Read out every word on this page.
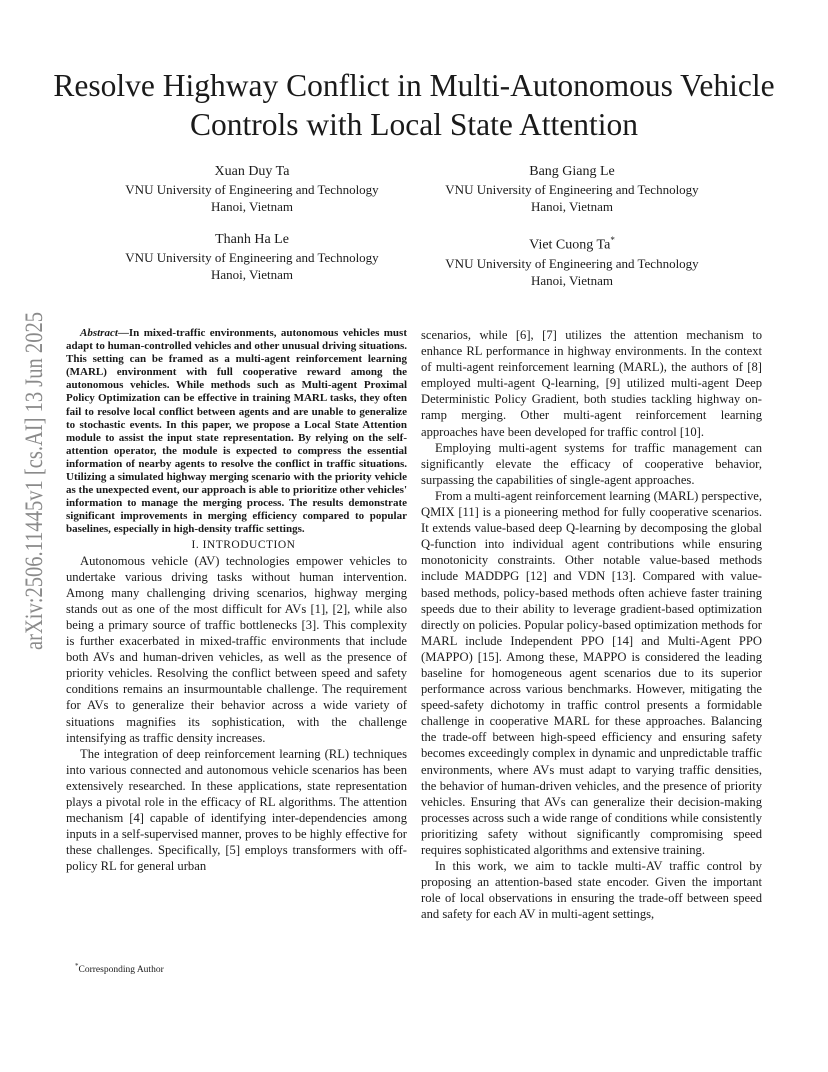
Resolve Highway Conflict in Multi-Autonomous Vehicle Controls with Local State Attention
Xuan Duy Ta
VNU University of Engineering and Technology
Hanoi, Vietnam
Bang Giang Le
VNU University of Engineering and Technology
Hanoi, Vietnam
Thanh Ha Le
VNU University of Engineering and Technology
Hanoi, Vietnam
Viet Cuong Ta*
VNU University of Engineering and Technology
Hanoi, Vietnam
arXiv:2506.11445v1 [cs.AI] 13 Jun 2025	Abstract—In mixed-traffic environments, autonomous vehicles must adapt to human-controlled vehicles and other unusual driving situations. This setting can be framed as a multi-agent reinforcement learning (MARL) environment with full cooperative reward among the autonomous vehicles. While methods such as Multi-agent Proximal Policy Optimization can be effective in training MARL tasks, they often fail to resolve local conflict between agents and are unable to generalize to stochastic events. In this paper, we propose a Local State Attention module to assist the input state representation. By relying on the self-attention operator, the module is expected to compress the essential information of nearby agents to resolve the conflict in traffic situations. Utilizing a simulated highway merging scenario with the priority vehicle as the unexpected event, our approach is able to prioritize other vehicles' information to manage the merging process. The results demonstrate significant improvements in merging efficiency compared to popular baselines, especially in high-density traffic settings.

I. INTRODUCTION

Autonomous vehicle (AV) technologies empower vehicles to undertake various driving tasks without human intervention. Among many challenging driving scenarios, highway merging stands out as one of the most difficult for AVs [1], [2], while also being a primary source of traffic bottlenecks [3]. This complexity is further exacerbated in mixed-traffic environments that include both AVs and human-driven vehicles, as well as the presence of priority vehicles. Resolving the conflict between speed and safety conditions remains an insurmountable challenge. The requirement for AVs to generalize their behavior across a wide variety of situations magnifies its sophistication, with the challenge intensifying as traffic density increases.

The integration of deep reinforcement learning (RL) techniques into various connected and autonomous vehicle scenarios has been extensively researched. In these applications, state representation plays a pivotal role in the efficacy of RL algorithms. The attention mechanism [4] capable of identifying inter-dependencies among inputs in a self-supervised manner, proves to be highly effective for these challenges. Specifically, [5] employs transformers with off-policy RL for general urban

scenarios, while [6], [7] utilizes the attention mechanism to enhance RL performance in highway environments. In the context of multi-agent reinforcement learning (MARL), the authors of [8] employed multi-agent Q-learning, [9] utilized multi-agent Deep Deterministic Policy Gradient, both studies tackling highway on-ramp merging. Other multi-agent reinforcement learning approaches have been developed for traffic control [10].

Employing multi-agent systems for traffic management can significantly elevate the efficacy of cooperative behavior, surpassing the capabilities of single-agent approaches.

From a multi-agent reinforcement learning (MARL) perspective, QMIX [11] is a pioneering method for fully cooperative scenarios. It extends value-based deep Q-learning by decomposing the global Q-function into individual agent contributions while ensuring monotonicity constraints. Other notable value-based methods include MADDPG [12] and VDN [13]. Compared with value-based methods, policy-based methods often achieve faster training speeds due to their ability to leverage gradient-based optimization directly on policies. Popular policy-based optimization methods for MARL include Independent PPO [14] and Multi-Agent PPO (MAPPO) [15]. Among these, MAPPO is considered the leading baseline for homogeneous agent scenarios due to its superior performance across various benchmarks. However, mitigating the speed-safety dichotomy in traffic control presents a formidable challenge in cooperative MARL for these approaches. Balancing the trade-off between high-speed efficiency and ensuring safety becomes exceedingly complex in dynamic and unpredictable traffic environments, where AVs must adapt to varying traffic densities, the behavior of human-driven vehicles, and the presence of priority vehicles. Ensuring that AVs can generalize their decision-making processes across such a wide range of conditions while consistently prioritizing safety without significantly compromising speed requires sophisticated algorithms and extensive training.

In this work, we aim to tackle multi-AV traffic control by proposing an attention-based state encoder. Given the important role of local observations in ensuring the trade-off between speed and safety for each AV in multi-agent settings,

*Corresponding Author
